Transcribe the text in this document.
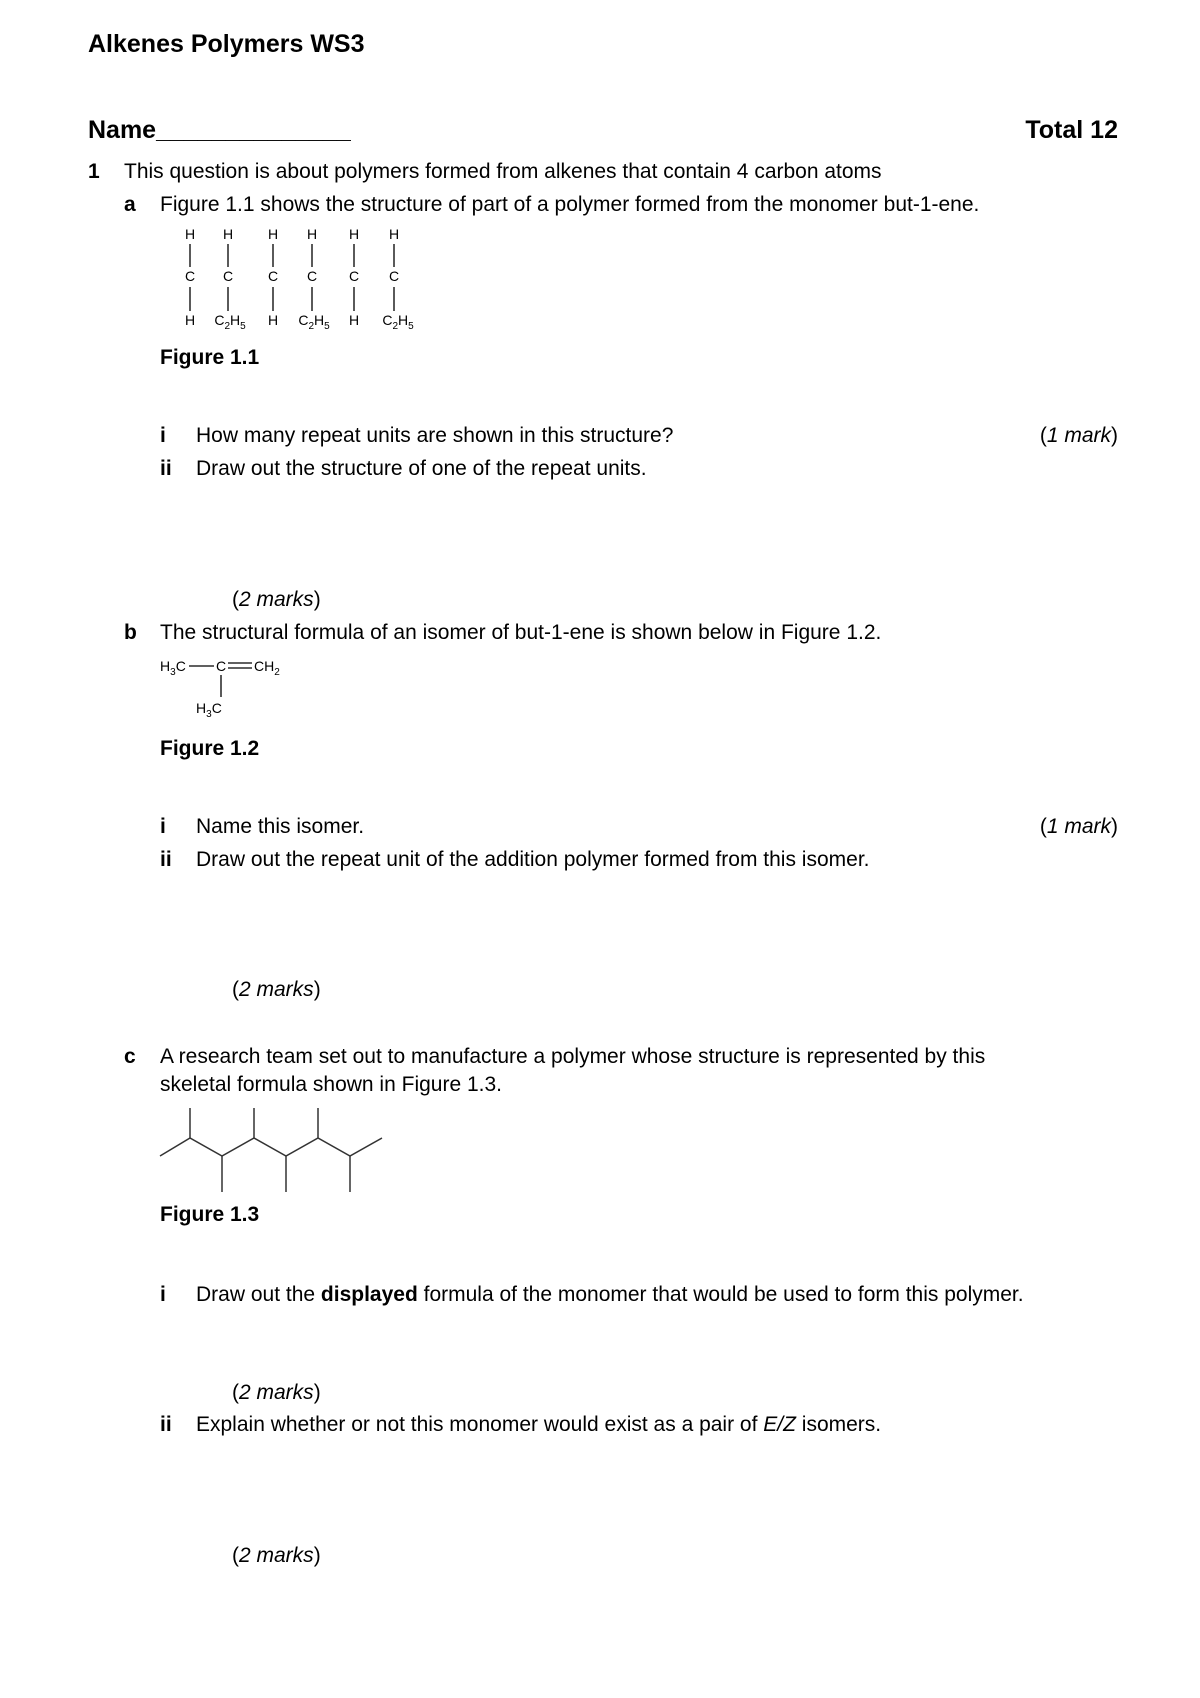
Alkenes Polymers WS3
Name______________	Total 12
1 This question is about polymers formed from alkenes that contain 4 carbon atoms
a Figure 1.1 shows the structure of part of a polymer formed from the monomer but-1-ene.
H H H H H H
C C C C C C
H $C_2H_5$ H $C_2H_5$ H $C_2H_5$
Figure 1.1
i How many repeat units are shown in this structure?	(1 mark)
ii Draw out the structure of one of the repeat units.
(2 marks)
b The structural formula of an isomer of but-1-ene is shown below in Figure 1.2.
$H_3C$ C $CH_2$
$H_3C$
Figure 1.2
i Name this isomer.	(1 mark)
ii Draw out the repeat unit of the addition polymer formed from this isomer.
(2 marks)
c A research team set out to manufacture a polymer whose structure is represented by this
skeletal formula shown in Figure 1.3.
Figure 1.3
i Draw out the displayed formula of the monomer that would be used to form this polymer.
(2 marks)
ii Explain whether or not this monomer would exist as a pair of E/Z isomers.
(2 marks)
